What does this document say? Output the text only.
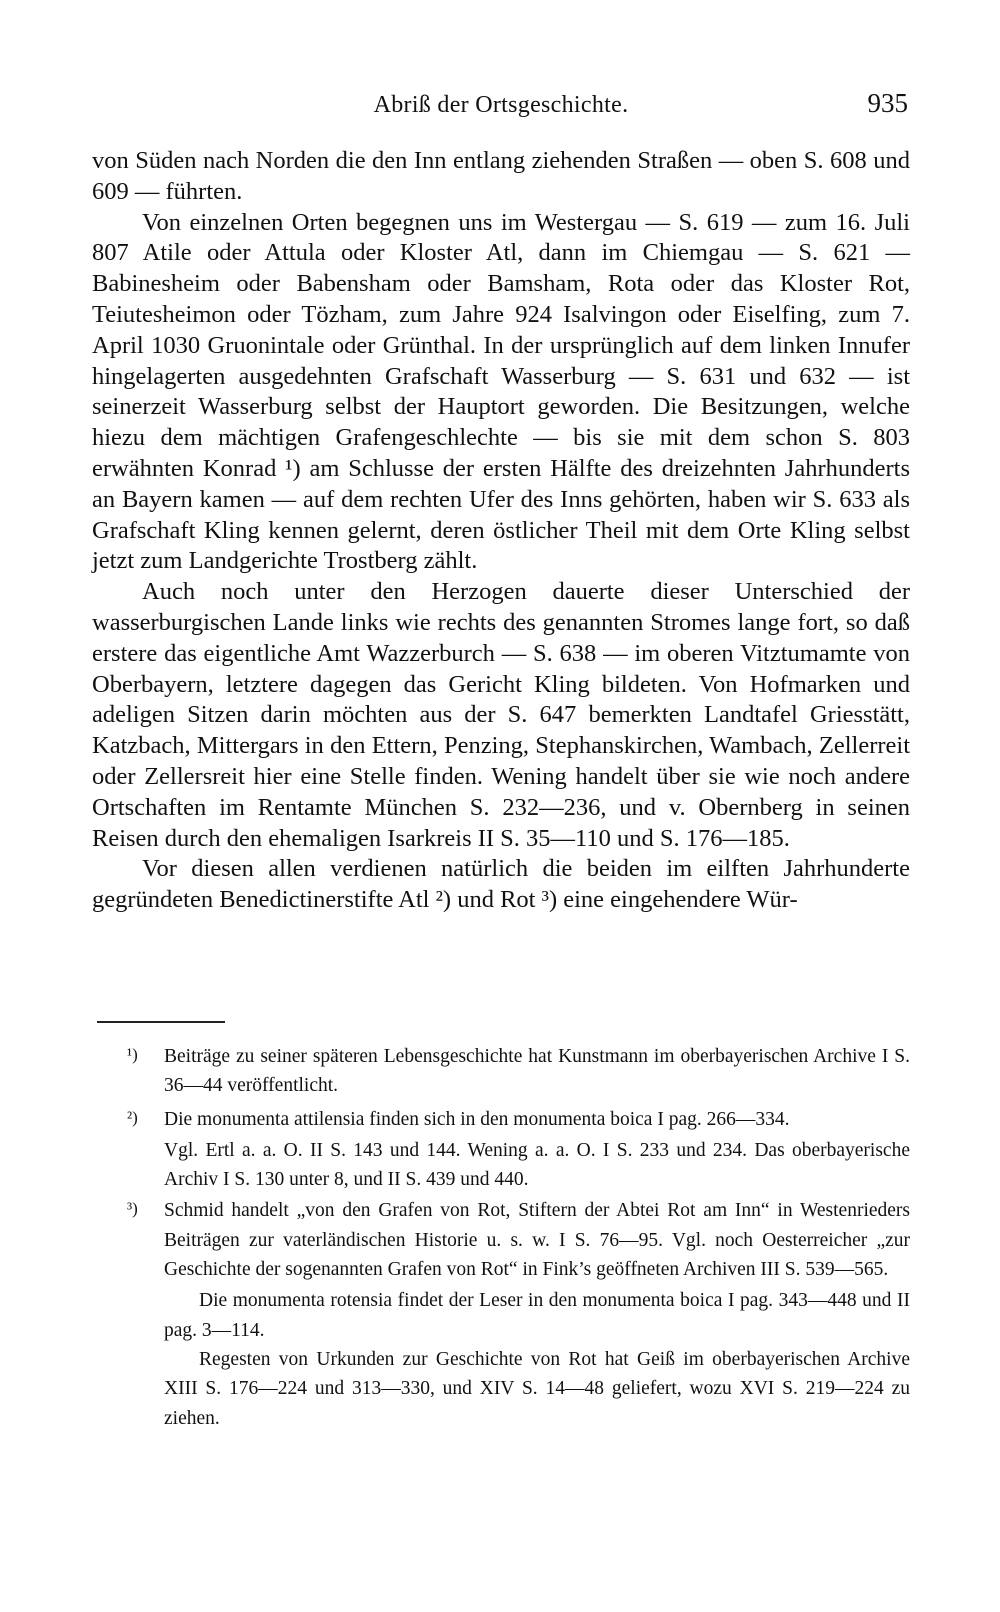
Abriß der Ortsgeschichte.	935

von Süden nach Norden die den Inn entlang ziehenden Straßen — oben S. 608 und 609 — führten.

Von einzelnen Orten begegnen uns im Westergau — S. 619 — zum 16. Juli 807 Atile oder Attula oder Kloster Atl, dann im Chiemgau — S. 621 — Babinesheim oder Babensham oder Bamsham, Rota oder das Kloster Rot, Teiutesheimon oder Tözham, zum Jahre 924 Isalvingon oder Eiselfing, zum 7. April 1030 Gruonintale oder Grünthal. In der ursprünglich auf dem linken Innufer hingelagerten ausgedehnten Grafschaft Wasserburg — S. 631 und 632 — ist seinerzeit Wasserburg selbst der Hauptort geworden. Die Besitzungen, welche hiezu dem mächtigen Grafengeschlechte — bis sie mit dem schon S. 803 erwähnten Konrad ¹) am Schlusse der ersten Hälfte des dreizehnten Jahrhunderts an Bayern kamen — auf dem rechten Ufer des Inns gehörten, haben wir S. 633 als Grafschaft Kling kennen gelernt, deren östlicher Theil mit dem Orte Kling selbst jetzt zum Landgerichte Trostberg zählt.

Auch noch unter den Herzogen dauerte dieser Unterschied der wasserburgischen Lande links wie rechts des genannten Stromes lange fort, so daß erstere das eigentliche Amt Wazzerburch — S. 638 — im oberen Vitztumamte von Oberbayern, letztere dagegen das Gericht Kling bildeten. Von Hofmarken und adeligen Sitzen darin möchten aus der S. 647 bemerkten Landtafel Griesstätt, Katzbach, Mittergars in den Ettern, Penzing, Stephanskirchen, Wambach, Zellerreit oder Zellersreit hier eine Stelle finden. Wening handelt über sie wie noch andere Ortschaften im Rentamte München S. 232—236, und v. Obernberg in seinen Reisen durch den ehemaligen Isarkreis II S. 35—110 und S. 176—185.

Vor diesen allen verdienen natürlich die beiden im eilften Jahrhunderte gegründeten Benedictinerstifte Atl ²) und Rot ³) eine eingehendere Wür-

¹) Beiträge zu seiner späteren Lebensgeschichte hat Kunstmann im oberbayerischen Archive I S. 36—44 veröffentlicht.

²) Die monumenta attilensia finden sich in den monumenta boica I pag. 266—334.

Vgl. Ertl a. a. O. II S. 143 und 144. Wening a. a. O. I S. 233 und 234. Das oberbayerische Archiv I S. 130 unter 8, und II S. 439 und 440.

³) Schmid handelt „von den Grafen von Rot, Stiftern der Abtei Rot am Inn“ in Westenrieders Beiträgen zur vaterländischen Historie u. s. w. I S. 76—95. Vgl. noch Oesterreicher „zur Geschichte der sogenannten Grafen von Rot“ in Fink’s geöffneten Archiven III S. 539—565.

Die monumenta rotensia findet der Leser in den monumenta boica I pag. 343—448 und II pag. 3—114.

Regesten von Urkunden zur Geschichte von Rot hat Geiß im oberbayerischen Archive XIII S. 176—224 und 313—330, und XIV S. 14—48 geliefert, wozu XVI S. 219—224 zu ziehen.
